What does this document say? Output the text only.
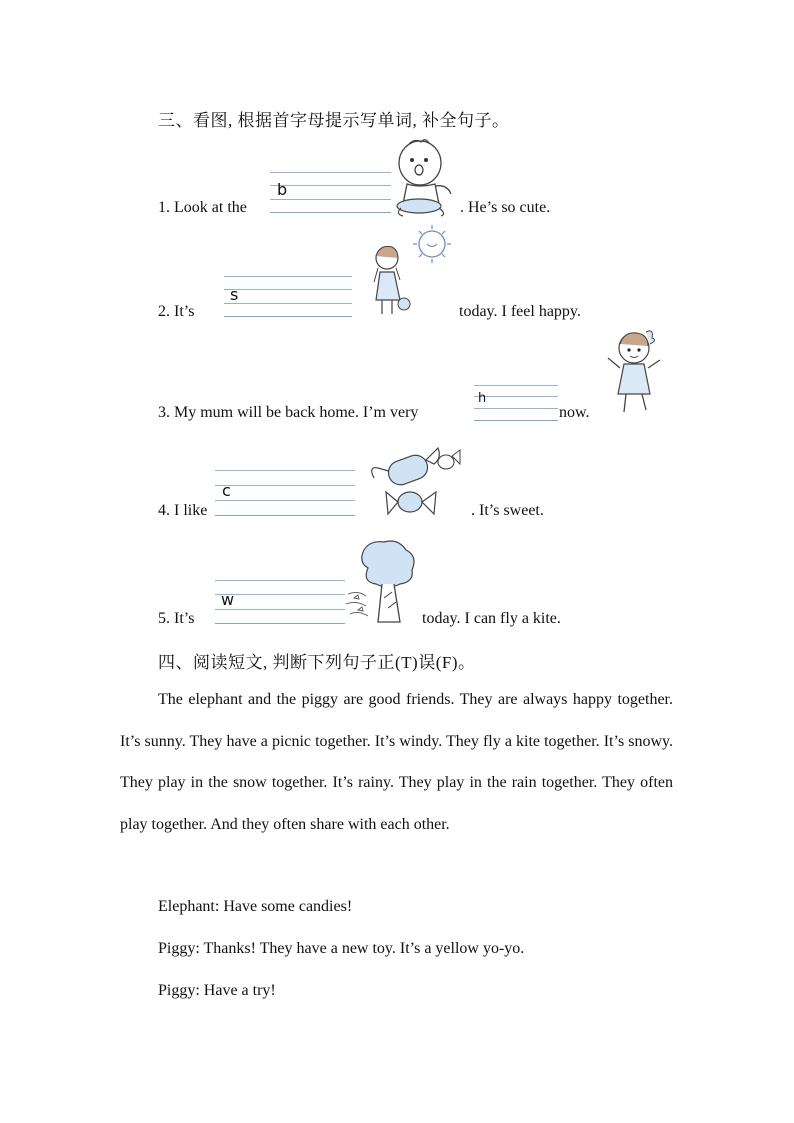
三、看图, 根据首字母提示写单词, 补全句子。
1. Look at the
b
. He’s so cute.
2. It’s
s
today. I feel happy.
3. My mum will be back home. I’m very
h
now.
4. I like
c
. It’s sweet.
5. It’s
w
today. I can fly a kite.
四、阅读短文, 判断下列句子正(T)误(F)。

The elephant and the piggy are good friends. They are always happy together. It’s sunny. They have a picnic together. It’s windy. They fly a kite together. It’s snowy. They play in the snow together. It’s rainy. They play in the rain together. They often play together. And they often share with each other.

Elephant: Have some candies!
Piggy: Thanks! They have a new toy. It’s a yellow yo-yo.
Piggy: Have a try!
